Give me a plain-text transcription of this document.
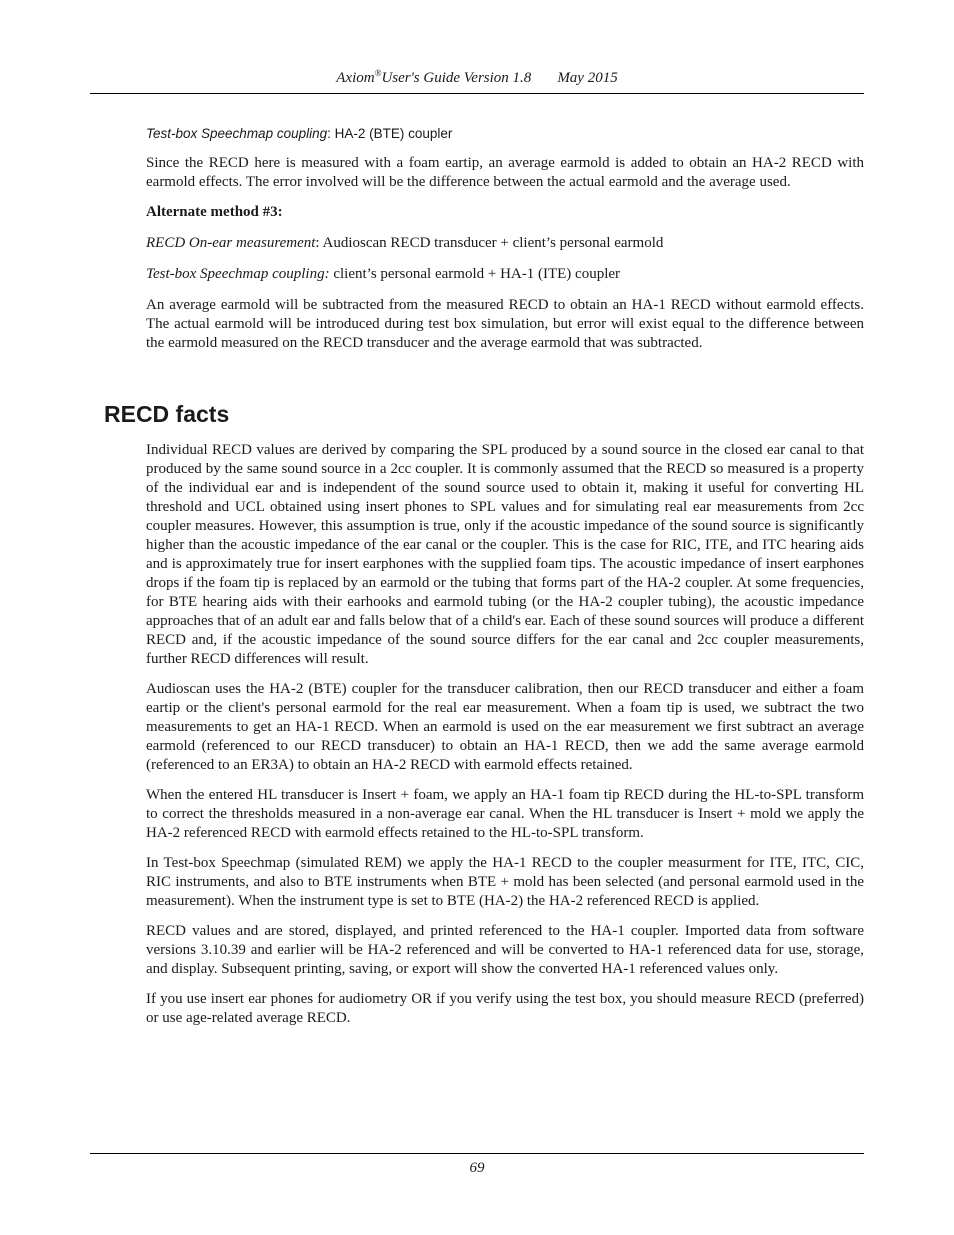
Axiom®User's Guide Version 1.8 May 2015

Test-box Speechmap coupling: HA-2 (BTE) coupler

Since the RECD here is measured with a foam eartip, an average earmold is added to obtain an HA-2 RECD with earmold effects. The error involved will be the difference between the actual earmold and the average used.

Alternate method #3:

RECD On-ear measurement: Audioscan RECD transducer + client’s personal earmold

Test-box Speechmap coupling: client’s personal earmold + HA-1 (ITE) coupler

An average earmold will be subtracted from the measured RECD to obtain an HA-1 RECD without earmold effects. The actual earmold will be introduced during test box simulation, but error will exist equal to the difference between the earmold measured on the RECD transducer and the average earmold that was subtracted.

RECD facts

Individual RECD values are derived by comparing the SPL produced by a sound source in the closed ear canal to that produced by the same sound source in a 2cc coupler. It is commonly assumed that the RECD so measured is a property of the individual ear and is independent of the sound source used to obtain it, making it useful for converting HL threshold and UCL obtained using insert phones to SPL values and for simulating real ear measurements from 2cc coupler measures. However, this assumption is true, only if the acoustic impedance of the sound source is significantly higher than the acoustic impedance of the ear canal or the coupler. This is the case for RIC, ITE, and ITC hearing aids and is approximately true for insert earphones with the supplied foam tips. The acoustic impedance of insert earphones drops if the foam tip is replaced by an earmold or the tubing that forms part of the HA-2 coupler. At some frequencies, for BTE hearing aids with their earhooks and earmold tubing (or the HA-2 coupler tubing), the acoustic impedance approaches that of an adult ear and falls below that of a child's ear. Each of these sound sources will produce a different RECD and, if the acoustic impedance of the sound source differs for the ear canal and 2cc coupler measurements, further RECD differences will result.

Audioscan uses the HA-2 (BTE) coupler for the transducer calibration, then our RECD transducer and either a foam eartip or the client's personal earmold for the real ear measurement. When a foam tip is used, we subtract the two measurements to get an HA-1 RECD. When an earmold is used on the ear measurement we first subtract an average earmold (referenced to our RECD transducer) to obtain an HA-1 RECD, then we add the same average earmold (referenced to an ER3A) to obtain an HA-2 RECD with earmold effects retained.

When the entered HL transducer is Insert + foam, we apply an HA-1 foam tip RECD during the HL-to-SPL transform to correct the thresholds measured in a non-average ear canal. When the HL transducer is Insert + mold we apply the HA-2 referenced RECD with earmold effects retained to the HL-to-SPL transform.

In Test-box Speechmap (simulated REM) we apply the HA-1 RECD to the coupler measurment for ITE, ITC, CIC, RIC instruments, and also to BTE instruments when BTE + mold has been selected (and personal earmold used in the measurement). When the instrument type is set to BTE (HA-2) the HA-2 referenced RECD is applied.

RECD values and are stored, displayed, and printed referenced to the HA-1 coupler. Imported data from software versions 3.10.39 and earlier will be HA-2 referenced and will be converted to HA-1 referenced data for use, storage, and display. Subsequent printing, saving, or export will show the converted HA-1 referenced values only.

If you use insert ear phones for audiometry OR if you verify using the test box, you should measure RECD (preferred) or use age-related average RECD.

69
